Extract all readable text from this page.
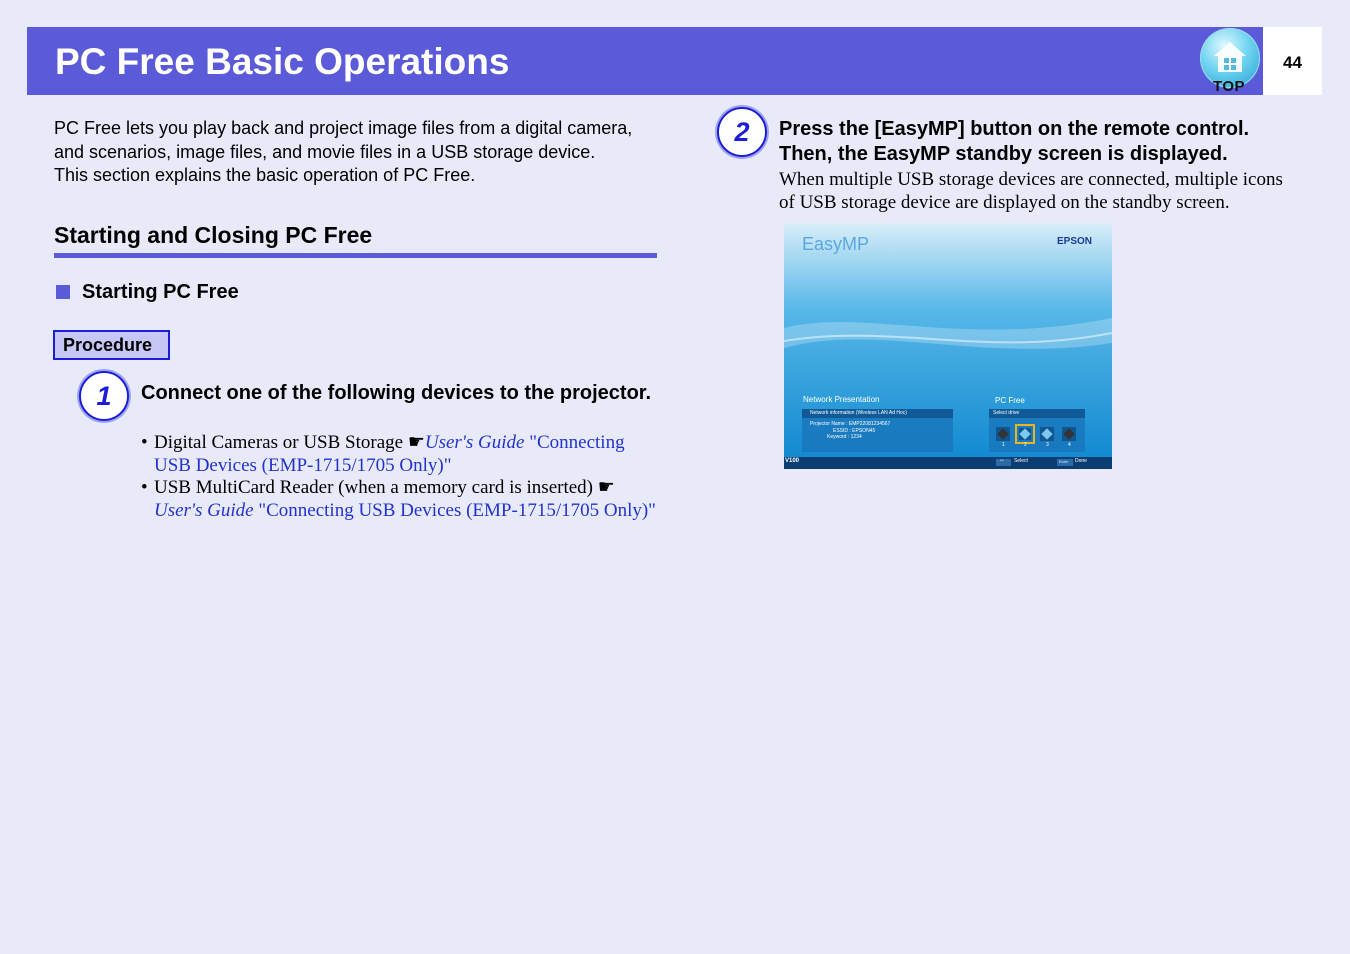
PC Free Basic Operations
TOP
44

PC Free lets you play back and project image files from a digital camera, and scenarios, image files, and movie files in a USB storage device.

This section explains the basic operation of PC Free.

Starting and Closing PC Free
Starting PC Free
Procedure
1	Connect one of the following devices to the projector.

• Digital Cameras or USB Storage ☛User's Guide "Connecting USB Devices (EMP-1715/1705 Only)"

• USB MultiCard Reader (when a memory card is inserted) ☛User's Guide "Connecting USB Devices (EMP-1715/1705 Only)"

2	Press the [EasyMP] button on the remote control. Then, the EasyMP standby screen is displayed.
When multiple USB storage devices are connected, multiple icons of USB storage device are displayed on the standby screen.
EasyMP	EPSON
Network Presentation
Network information (Wireless LAN Ad Hoc)
Projector Name : EMP22081234567
ESSID : EPSON45
Keyword : 1234
PC Free
Select drive
1	2	3	4
V100	↔ Select	Enter Done
